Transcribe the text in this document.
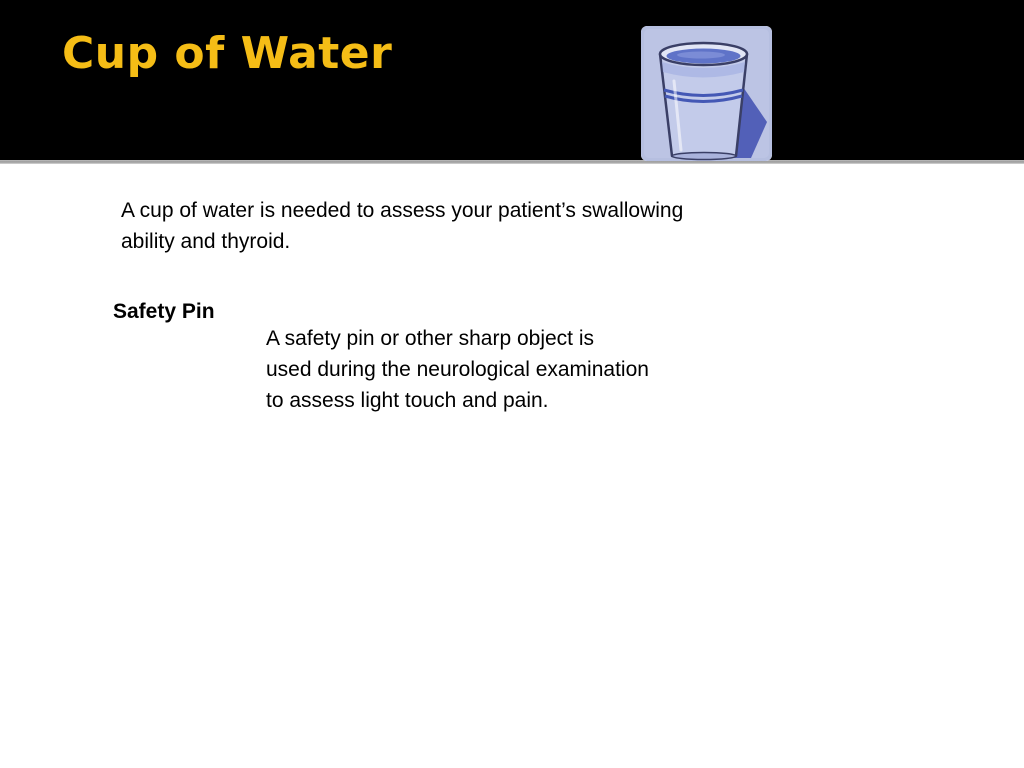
Cup of Water

A cup of water is needed to assess your patient’s swallowing
ability and thyroid.

Safety Pin

A safety pin or other sharp object is
used during the neurological examination
to assess light touch and pain.
